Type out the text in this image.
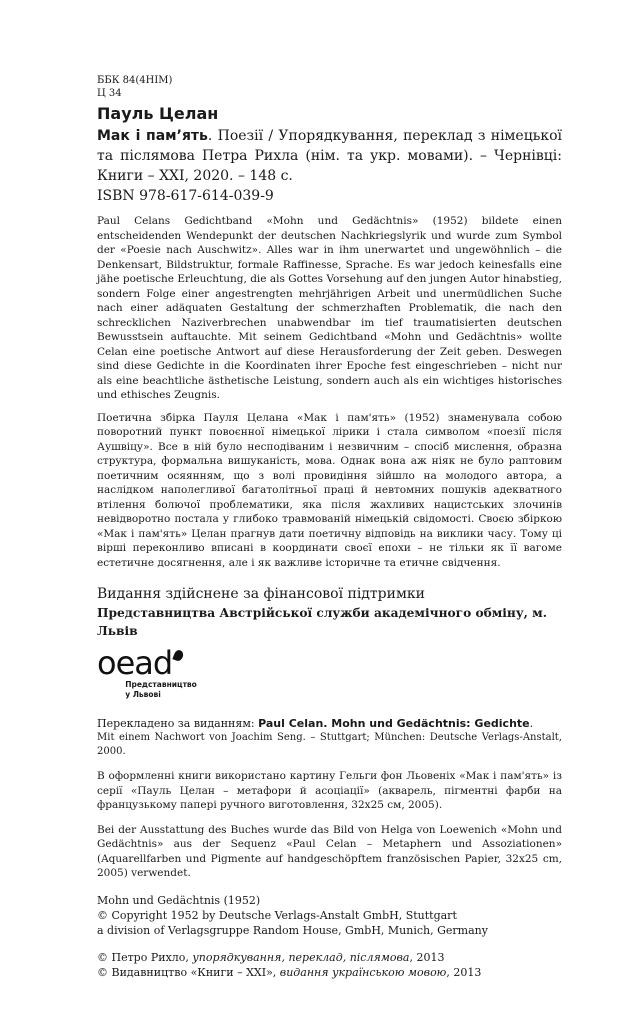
ББК 84(4НІМ)
Ц 34
Пауль Целан
Мак і пам’ять. Поезії / Упорядкування, переклад з німецької та післямова Петра Рихла (нім. та укр. мовами). – Чернівці: Книги – XXI, 2020. – 148 с.
ISBN 978-617-614-039-9
Paul Celans Gedichtband «Mohn und Gedächtnis» (1952) bildete einen entscheidenden Wendepunkt der deutschen Nachkriegslyrik und wurde zum Symbol der «Poesie nach Auschwitz». Alles war in ihm unerwartet und ungewöhnlich – die Denkensart, Bildstruktur, formale Raffinesse, Sprache. Es war jedoch keinesfalls eine jähe poetische Erleuchtung, die als Gottes Vorsehung auf den jungen Autor hinabstieg, sondern Folge einer angestrengten mehrjährigen Arbeit und unermüdlichen Suche nach einer adäquaten Gestaltung der schmerzhaften Problematik, die nach den schrecklichen Naziverbrechen unabwendbar im tief traumatisierten deutschen Bewusstsein auftauchte. Mit seinem Gedichtband «Mohn und Gedächtnis» wollte Celan eine poetische Antwort auf diese Herausforderung der Zeit geben. Deswegen sind diese Gedichte in die Koordinaten ihrer Epoche fest eingeschrieben – nicht nur als eine beachtliche ästhetische Leistung, sondern auch als ein wichtiges historisches und ethisches Zeugnis.
Поетична збірка Пауля Целана «Мак і пам'ять» (1952) знаменувала собою поворотний пункт повоєнної німецької лірики і стала символом «поезії після Аушвіцу». Все в ній було несподіваним і незвичним – спосіб мислення, образна структура, формальна вишуканість, мова. Однак вона аж ніяк не було раптовим поетичним осяянням, що з волі провидіння зійшло на молодого автора, а наслідком наполегливої багатолітньої праці й невтомних пошуків адекватного втілення болючої проблематики, яка після жахливих нацистських злочинів невідворотно постала у глибоко травмованій німецькій свідомості. Своєю збіркою «Мак і пам'ять» Целан прагнув дати поетичну відповідь на виклики часу. Тому ці вірші переконливо вписані в координати своєї епохи – не тільки як її вагоме естетичне досягнення, але і як важливе історичне та етичне свідчення.
Видання здійснене за фінансової підтримки
Представництва Австрійської служби академічного обміну, м. Львів
oead
Представництво
у Львові
Перекладено за виданням: Paul Celan. Mohn und Gedächtnis: Gedichte.
Mit einem Nachwort von Joachim Seng. – Stuttgart; München: Deutsche Verlags-Anstalt, 2000.
В оформленні книги використано картину Гельги фон Льовеніх «Мак і пам'ять» із серії «Пауль Целан – метафори й асоціації» (акварель, пігментні фарби на французькому папері ручного виготовлення, 32х25 см, 2005).
Bei der Ausstattung des Buches wurde das Bild von Helga von Loewenich «Mohn und Gedächtnis» aus der Sequenz «Paul Celan – Metaphern und Assoziationen» (Aquarellfarben und Pigmente auf handgeschöpftem französischen Papier, 32x25 cm, 2005) verwendet.
Mohn und Gedächtnis (1952)
© Copyright 1952 by Deutsche Verlags-Anstalt GmbH, Stuttgart
a division of Verlagsgruppe Random House, GmbH, Munich, Germany
© Петро Рихло, упорядкування, переклад, післямова, 2013
© Видавництво «Книги – XXI», видання українською мовою, 2013
